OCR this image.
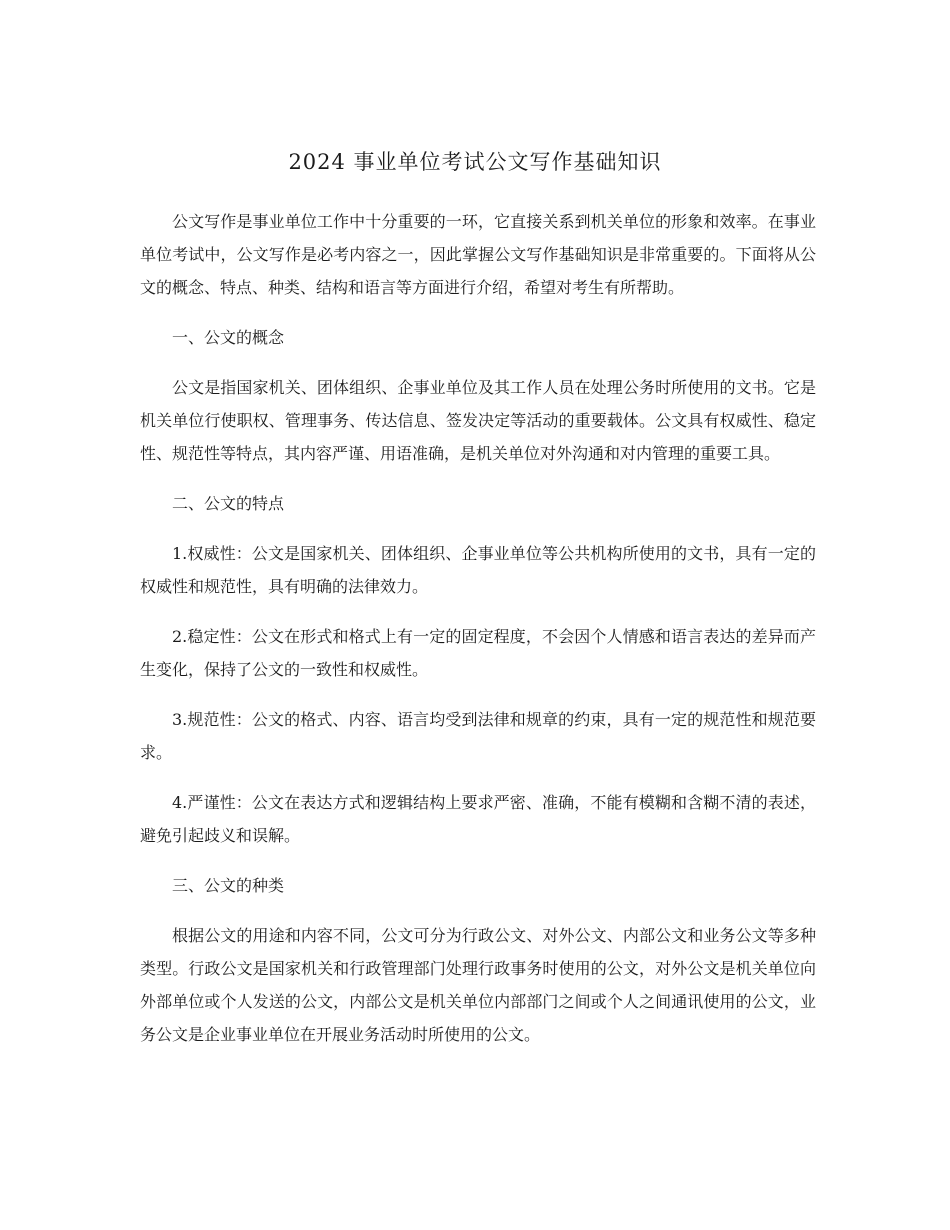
2024 事业单位考试公文写作基础知识

公文写作是事业单位工作中十分重要的一环，它直接关系到机关单位的形象和效率。在事业单位考试中，公文写作是必考内容之一，因此掌握公文写作基础知识是非常重要的。下面将从公文的概念、特点、种类、结构和语言等方面进行介绍，希望对考生有所帮助。

一、公文的概念

公文是指国家机关、团体组织、企事业单位及其工作人员在处理公务时所使用的文书。它是机关单位行使职权、管理事务、传达信息、签发决定等活动的重要载体。公文具有权威性、稳定性、规范性等特点，其内容严谨、用语准确，是机关单位对外沟通和对内管理的重要工具。

二、公文的特点

1.权威性：公文是国家机关、团体组织、企事业单位等公共机构所使用的文书，具有一定的权威性和规范性，具有明确的法律效力。

2.稳定性：公文在形式和格式上有一定的固定程度，不会因个人情感和语言表达的差异而产生变化，保持了公文的一致性和权威性。

3.规范性：公文的格式、内容、语言均受到法律和规章的约束，具有一定的规范性和规范要求。

4.严谨性：公文在表达方式和逻辑结构上要求严密、准确，不能有模糊和含糊不清的表述，避免引起歧义和误解。

三、公文的种类

根据公文的用途和内容不同，公文可分为行政公文、对外公文、内部公文和业务公文等多种类型。行政公文是国家机关和行政管理部门处理行政事务时使用的公文，对外公文是机关单位向外部单位或个人发送的公文，内部公文是机关单位内部部门之间或个人之间通讯使用的公文，业务公文是企业事业单位在开展业务活动时所使用的公文。
